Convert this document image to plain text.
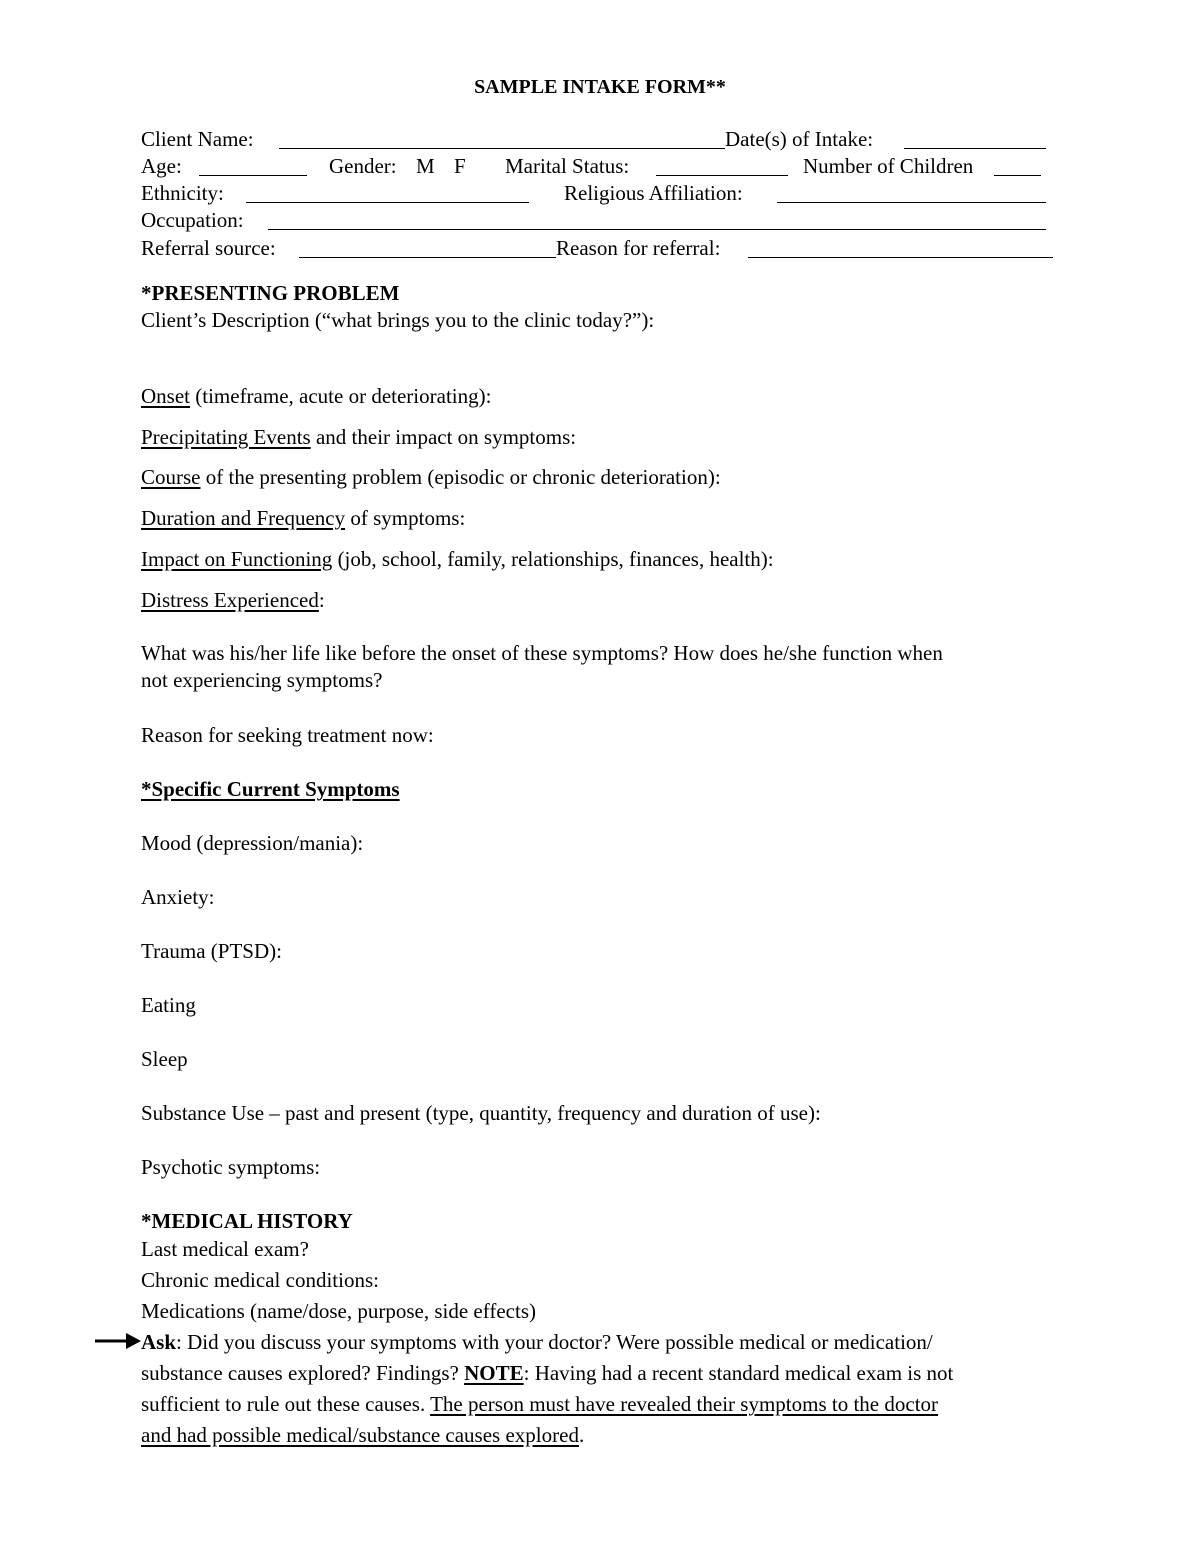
SAMPLE INTAKE FORM**
Client Name:	Date(s) of Intake:
Age:	Gender: M F Marital Status:	Number of Children
Ethnicity:	Religious Affiliation:
Occupation:
Referral source:	Reason for referral:
*PRESENTING PROBLEM
Client’s Description (“what brings you to the clinic today?”):
Onset (timeframe, acute or deteriorating):
Precipitating Events and their impact on symptoms:
Course of the presenting problem (episodic or chronic deterioration):
Duration and Frequency of symptoms:
Impact on Functioning (job, school, family, relationships, finances, health):
Distress Experienced:
What was his/her life like before the onset of these symptoms? How does he/she function when
not experiencing symptoms?
Reason for seeking treatment now:
*Specific Current Symptoms
Mood (depression/mania):
Anxiety:
Trauma (PTSD):
Eating
Sleep
Substance Use – past and present (type, quantity, frequency and duration of use):
Psychotic symptoms:
*MEDICAL HISTORY
Last medical exam?
Chronic medical conditions:
Medications (name/dose, purpose, side effects)
Ask: Did you discuss your symptoms with your doctor? Were possible medical or medication/
substance causes explored? Findings? NOTE: Having had a recent standard medical exam is not
sufficient to rule out these causes. The person must have revealed their symptoms to the doctor
and had possible medical/substance causes explored.
